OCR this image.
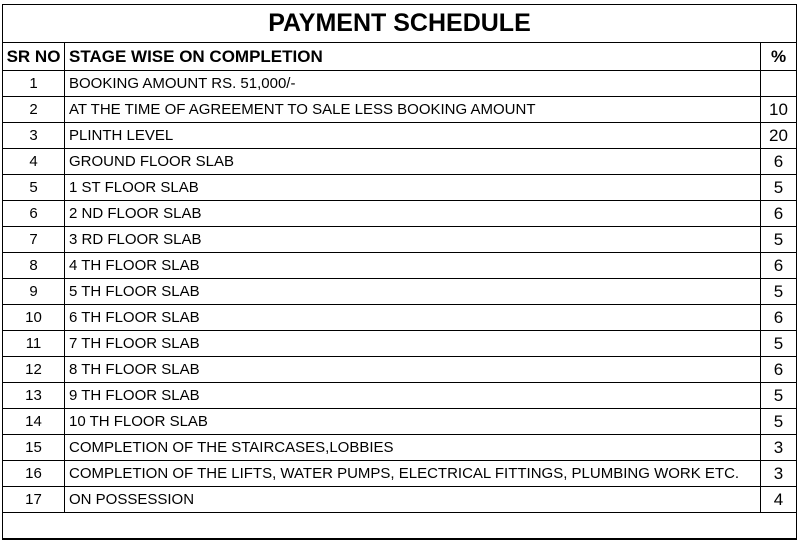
PAYMENT SCHEDULE
SR NO	STAGE WISE ON COMPLETION	%
1	BOOKING AMOUNT RS. 51,000/-	
2	AT THE TIME OF AGREEMENT TO SALE LESS BOOKING AMOUNT	10
3	PLINTH LEVEL	20
4	GROUND FLOOR SLAB	6
5	1 ST FLOOR SLAB	5
6	2 ND FLOOR SLAB	6
7	3 RD FLOOR SLAB	5
8	4 TH FLOOR SLAB	6
9	5 TH FLOOR SLAB	5
10	6 TH FLOOR SLAB	6
11	7 TH FLOOR SLAB	5
12	8 TH FLOOR SLAB	6
13	9 TH FLOOR SLAB	5
14	10 TH FLOOR SLAB	5
15	COMPLETION OF THE STAIRCASES,LOBBIES	3
16	COMPLETION OF THE LIFTS, WATER PUMPS, ELECTRICAL FITTINGS, PLUMBING WORK ETC.	3
17	ON POSSESSION	4
